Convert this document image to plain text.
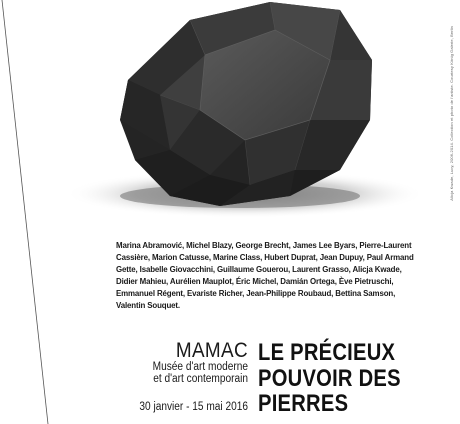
Alicja Kwade, Lucy, 2006-2014. Collection et photo de l'artiste. Courtesy König Galerie, Berlin
Marina Abramović, Michel Blazy, George Brecht, James Lee Byars, Pierre-Laurent Cassière, Marion Catusse, Marine Class, Hubert Duprat, Jean Dupuy, Paul Armand Gette, Isabelle Giovacchini, Guillaume Gouerou, Laurent Grasso, Alicja Kwade, Didier Mahieu, Aurélien Mauplot, Éric Michel, Damián Ortega, Ève Pietruschi, Emmanuel Régent, Evariste Richer, Jean-Philippe Roubaud, Bettina Samson, Valentin Souquet.
MAMAC
Musée d'art moderne
et d'art contemporain
30 janvier - 15 mai 2016
LE PRÉCIEUX
POUVOIR DES
PIERRES
